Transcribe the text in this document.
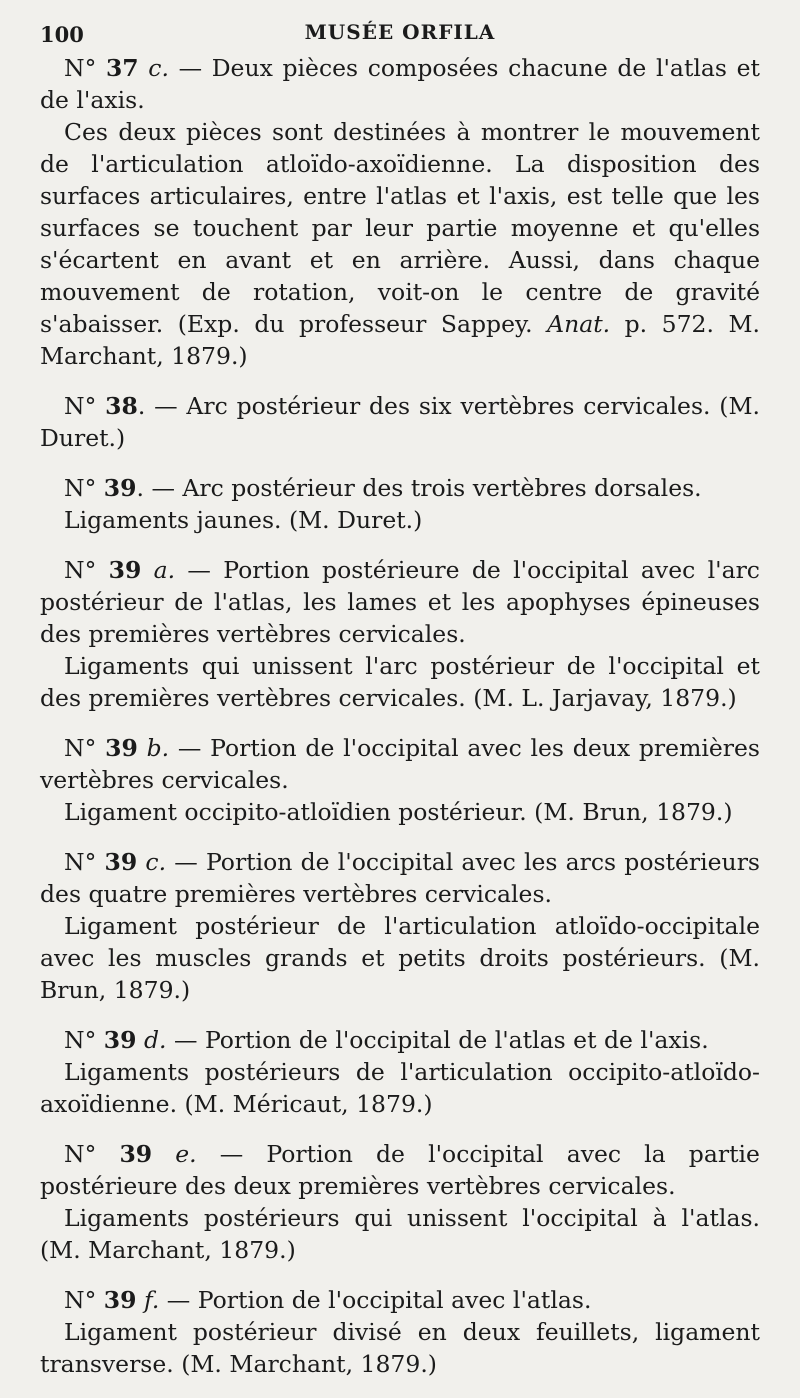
100	MUSÉE ORFILA

N° 37 c. — Deux pièces composées chacune de l'atlas et de l'axis.

Ces deux pièces sont destinées à montrer le mouvement de l'articulation atloïdo-axoïdienne. La disposition des surfaces articulaires, entre l'atlas et l'axis, est telle que les surfaces se touchent par leur partie moyenne et qu'elles s'écartent en avant et en arrière. Aussi, dans chaque mouvement de rotation, voit-on le centre de gravité s'abaisser. (Exp. du professeur Sappey. Anat. p. 572. M. Marchant, 1879.)

N° 38. — Arc postérieur des six vertèbres cervicales. (M. Duret.)

N° 39. — Arc postérieur des trois vertèbres dorsales.

Ligaments jaunes. (M. Duret.)

N° 39 a. — Portion postérieure de l'occipital avec l'arc postérieur de l'atlas, les lames et les apophyses épineuses des premières vertèbres cervicales.

Ligaments qui unissent l'arc postérieur de l'occipital et des premières vertèbres cervicales. (M. L. Jarjavay, 1879.)

N° 39 b. — Portion de l'occipital avec les deux premières vertèbres cervicales.

Ligament occipito-atloïdien postérieur. (M. Brun, 1879.)

N° 39 c. — Portion de l'occipital avec les arcs postérieurs des quatre premières vertèbres cervicales.

Ligament postérieur de l'articulation atloïdo-occipitale avec les muscles grands et petits droits postérieurs. (M. Brun, 1879.)

N° 39 d. — Portion de l'occipital de l'atlas et de l'axis.

Ligaments postérieurs de l'articulation occipito-atloïdo-axoïdienne. (M. Méricaut, 1879.)

N° 39 e. — Portion de l'occipital avec la partie postérieure des deux premières vertèbres cervicales.

Ligaments postérieurs qui unissent l'occipital à l'atlas. (M. Marchant, 1879.)

N° 39 f. — Portion de l'occipital avec l'atlas.

Ligament postérieur divisé en deux feuillets, ligament transverse. (M. Marchant, 1879.)
